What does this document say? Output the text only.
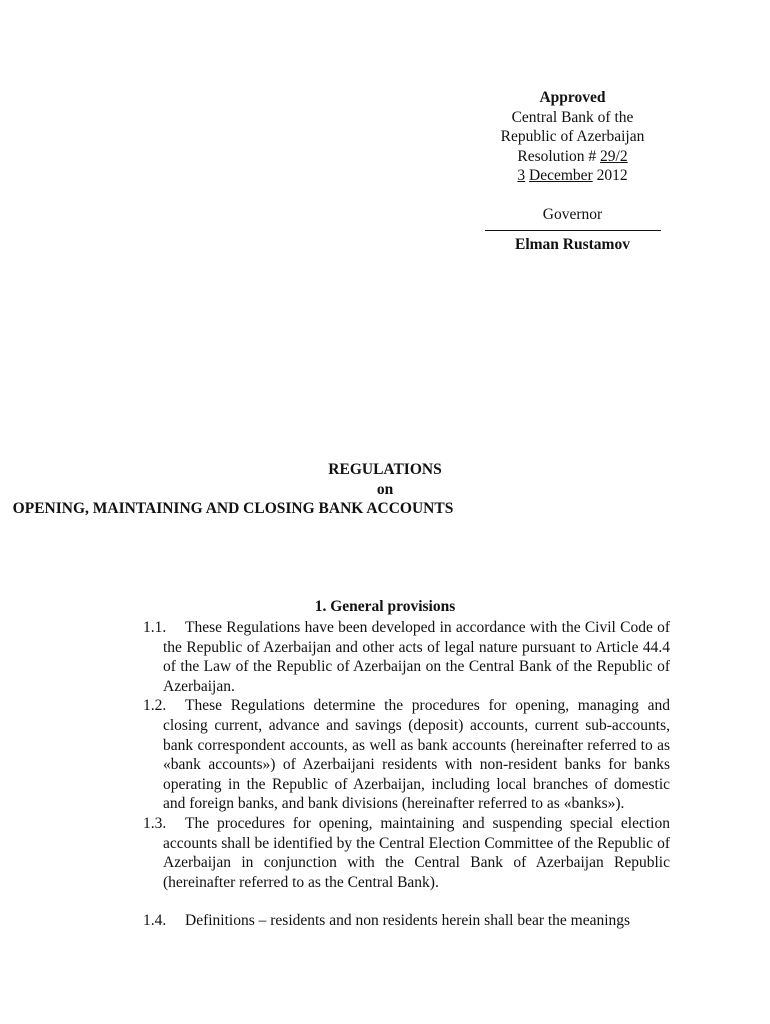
Approved
Central Bank of the
Republic of Azerbaijan
Resolution # 29/2
3 December 2012
Governor
Elman Rustamov
REGULATIONS
on
OPENING, MAINTAINING AND CLOSING BANK ACCOUNTS
1. General provisions
1.1. These Regulations have been developed in accordance with the Civil Code of the Republic of Azerbaijan and other acts of legal nature pursuant to Article 44.4 of the Law of the Republic of Azerbaijan on the Central Bank of the Republic of Azerbaijan.
1.2. These Regulations determine the procedures for opening, managing and closing current, advance and savings (deposit) accounts, current sub-accounts, bank correspondent accounts, as well as bank accounts (hereinafter referred to as «bank accounts») of Azerbaijani residents with non-resident banks for banks operating in the Republic of Azerbaijan, including local branches of domestic and foreign banks, and bank divisions (hereinafter referred to as «banks»).
1.3. The procedures for opening, maintaining and suspending special election accounts shall be identified by the Central Election Committee of the Republic of Azerbaijan in conjunction with the Central Bank of Azerbaijan Republic (hereinafter referred to as the Central Bank).
1.4. Definitions – residents and non residents herein shall bear the meanings
